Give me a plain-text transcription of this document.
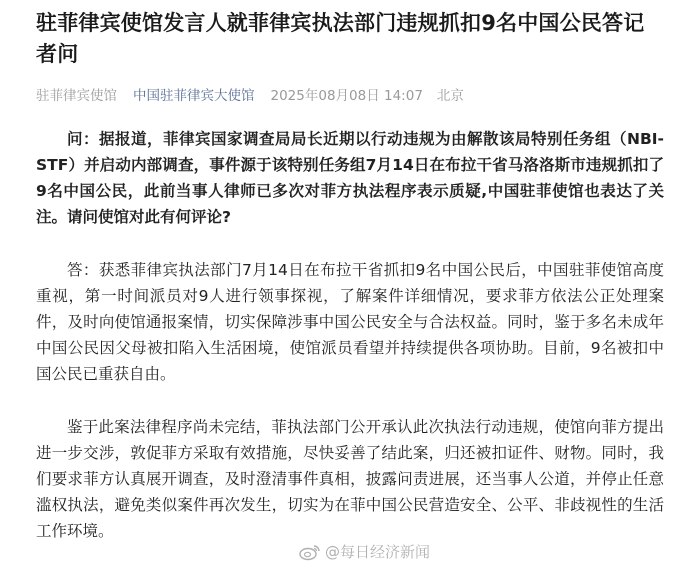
驻菲律宾使馆发言人就菲律宾执法部门违规抓扣9名中国公民答记者问
驻菲律宾使馆 中国驻菲律宾大使馆 2025年08月08日 14:07 北京

问：据报道，菲律宾国家调查局局长近期以行动违规为由解散该局特别任务组（NBI-STF）并启动内部调查，事件源于该特别任务组7月14日在布拉干省马洛洛斯市违规抓扣了9名中国公民，此前当事人律师已多次对菲方执法程序表示质疑,中国驻菲使馆也表达了关注。请问使馆对此有何评论?

答：获悉菲律宾执法部门7月14日在布拉干省抓扣9名中国公民后，中国驻菲使馆高度重视，第一时间派员对9人进行领事探视，了解案件详细情况，要求菲方依法公正处理案件，及时向使馆通报案情，切实保障涉事中国公民安全与合法权益。同时，鉴于多名未成年中国公民因父母被扣陷入生活困境，使馆派员看望并持续提供各项协助。目前，9名被扣中国公民已重获自由。

鉴于此案法律程序尚未完结，菲执法部门公开承认此次执法行动违规，使馆向菲方提出进一步交涉，敦促菲方采取有效措施，尽快妥善了结此案，归还被扣证件、财物。同时，我们要求菲方认真展开调查，及时澄清事件真相，披露问责进展，还当事人公道，并停止任意滥权执法，避免类似案件再次发生，切实为在菲中国公民营造安全、公平、非歧视性的生活工作环境。

@每日经济新闻
